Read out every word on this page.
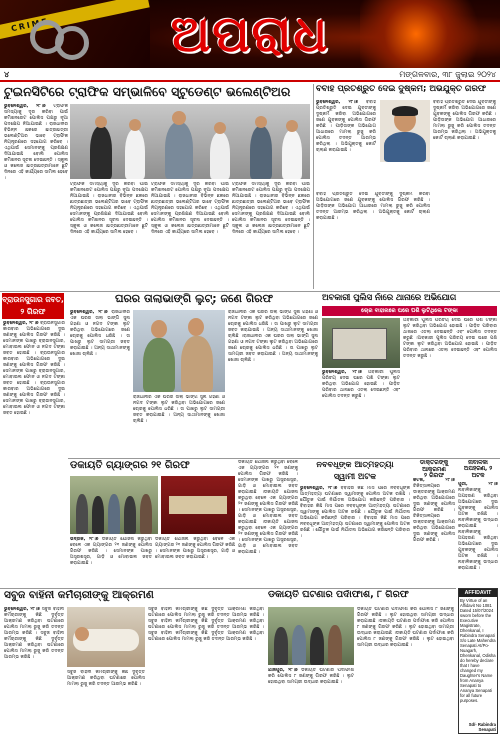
CRIME	ଅପରାଧ
୪	ମଙ୍ଗଳବାର, ୩୮ ଜୁଲାଇ ୨୦୨୪
ଟୁଇନସିଟିରେ ଟ୍ରାଫିକ ସମ୍ଭାଳିବେ ସ୍ଟୁଡେଣ୍ଟ ଭଲେଣ୍ଟିଅର
ଭୁବନେଶ୍ୱର, ୨୮।୭ ଟ୍ରାଫିକ ସମସ୍ୟାକୁ ଦୂର କରିବା ପାଇଁ କମିଶନରେଟ ପୋଲିସ ପକ୍ଷରୁ ନୂଆ ପଦକ୍ଷେପ ନିଆଯାଇଛି । ରାଜଧାନୀର ବିଭିନ୍ନ ଛକରେ ଛାତ୍ରଛାତ୍ରୀ ଭଲେଣ୍ଟିଅର ଭାବେ ଟ୍ରାଫିକ ନିୟନ୍ତ୍ରଣରେ ସହଯୋଗ କରିବେ । ଏଥିପାଇଁ ସେମାନଙ୍କୁ ପ୍ରଶିକ୍ଷଣ ଦିଆଯାଇଛି ବୋଲି ପୋଲିସ କମିଶନର ସୂଚନା ଦେଇଛନ୍ତି । ସ୍କୁଲ ଓ କଲେଜ ଛାତ୍ରଛାତ୍ରୀମାନେ ଛୁଟି ଦିନରେ ଏହି କାର୍ଯ୍ୟରେ ସାମିଲ ହେବେ ।
ଟ୍ରାଫିକ ସମସ୍ୟାକୁ ଦୂର କରିବା ପାଇଁ କମିଶନରେଟ ପୋଲିସ ପକ୍ଷରୁ ନୂଆ ପଦକ୍ଷେପ ନିଆଯାଇଛି । ରାଜଧାନୀର ବିଭିନ୍ନ ଛକରେ ଛାତ୍ରଛାତ୍ରୀ ଭଲେଣ୍ଟିଅର ଭାବେ ଟ୍ରାଫିକ ନିୟନ୍ତ୍ରଣରେ ସହଯୋଗ କରିବେ । ଏଥିପାଇଁ ସେମାନଙ୍କୁ ପ୍ରଶିକ୍ଷଣ ଦିଆଯାଇଛି ବୋଲି ପୋଲିସ କମିଶନର ସୂଚନା ଦେଇଛନ୍ତି । ସ୍କୁଲ ଓ କଲେଜ ଛାତ୍ରଛାତ୍ରୀମାନେ ଛୁଟି ଦିନରେ ଏହି କାର୍ଯ୍ୟରେ ସାମିଲ ହେବେ ।
ଟ୍ରାଫିକ ସମସ୍ୟାକୁ ଦୂର କରିବା ପାଇଁ କମିଶନରେଟ ପୋଲିସ ପକ୍ଷରୁ ନୂଆ ପଦକ୍ଷେପ ନିଆଯାଇଛି । ରାଜଧାନୀର ବିଭିନ୍ନ ଛକରେ ଛାତ୍ରଛାତ୍ରୀ ଭଲେଣ୍ଟିଅର ଭାବେ ଟ୍ରାଫିକ ନିୟନ୍ତ୍ରଣରେ ସହଯୋଗ କରିବେ । ଏଥିପାଇଁ ସେମାନଙ୍କୁ ପ୍ରଶିକ୍ଷଣ ଦିଆଯାଇଛି ବୋଲି ପୋଲିସ କମିଶନର ସୂଚନା ଦେଇଛନ୍ତି । ସ୍କୁଲ ଓ କଲେଜ ଛାତ୍ରଛାତ୍ରୀମାନେ ଛୁଟି ଦିନରେ ଏହି କାର୍ଯ୍ୟରେ ସାମିଲ ହେବେ ।
ଟ୍ରାଫିକ ସମସ୍ୟାକୁ ଦୂର କରିବା ପାଇଁ କମିଶନରେଟ ପୋଲିସ ପକ୍ଷରୁ ନୂଆ ପଦକ୍ଷେପ ନିଆଯାଇଛି । ରାଜଧାନୀର ବିଭିନ୍ନ ଛକରେ ଛାତ୍ରଛାତ୍ରୀ ଭଲେଣ୍ଟିଅର ଭାବେ ଟ୍ରାଫିକ ନିୟନ୍ତ୍ରଣରେ ସହଯୋଗ କରିବେ । ଏଥିପାଇଁ ସେମାନଙ୍କୁ ପ୍ରଶିକ୍ଷଣ ଦିଆଯାଇଛି ବୋଲି ପୋଲିସ କମିଶନର ସୂଚନା ଦେଇଛନ୍ତି । ସ୍କୁଲ ଓ କଲେଜ ଛାତ୍ରଛାତ୍ରୀମାନେ ଛୁଟି ଦିନରେ ଏହି କାର୍ଯ୍ୟରେ ସାମିଲ ହେବେ ।
ବିବାହ ପ୍ରତିଶ୍ରୁତି ଦେଇ ଦୁଷ୍କର୍ମ; ଅଭିଯୁକ୍ତ ଗିରଫ
ଭୁବନେଶ୍ୱର, ୨୮।୭ ବିବାହ ପ୍ରତିଶ୍ରୁତି ଦେଇ ଯୁବତୀଙ୍କୁ ଦୁଷ୍କର୍ମ କରିବା ଅଭିଯୋଗରେ ଜଣେ ଯୁବକଙ୍କୁ ପୋଲିସ ଗିରଫ କରିଛି । ପୀଡ଼ିତାଙ୍କ ଅଭିଯୋଗ ଆଧାରରେ ମାମଲା ରୁଜୁ କରି ପୋଲିସ ତଦନ୍ତ ଆରମ୍ଭ କରିଥିଲା । ଅଭିଯୁକ୍ତକୁ କୋର୍ଟ ଚାଲାଣ କରାଯାଇଛି ।
ବିବାହ ପ୍ରତିଶ୍ରୁତି ଦେଇ ଯୁବତୀଙ୍କୁ ଦୁଷ୍କର୍ମ କରିବା ଅଭିଯୋଗରେ ଜଣେ ଯୁବକଙ୍କୁ ପୋଲିସ ଗିରଫ କରିଛି । ପୀଡ଼ିତାଙ୍କ ଅଭିଯୋଗ ଆଧାରରେ ମାମଲା ରୁଜୁ କରି ପୋଲିସ ତଦନ୍ତ ଆରମ୍ଭ କରିଥିଲା । ଅଭିଯୁକ୍ତକୁ କୋର୍ଟ ଚାଲାଣ କରାଯାଇଛି ।
ବିବାହ ପ୍ରତିଶ୍ରୁତି ଦେଇ ଯୁବତୀଙ୍କୁ ଦୁଷ୍କର୍ମ କରିବା ଅଭିଯୋଗରେ ଜଣେ ଯୁବକଙ୍କୁ ପୋଲିସ ଗିରଫ କରିଛି । ପୀଡ଼ିତାଙ୍କ ଅଭିଯୋଗ ଆଧାରରେ ମାମଲା ରୁଜୁ କରି ପୋଲିସ ତଦନ୍ତ ଆରମ୍ଭ କରିଥିଲା । ଅଭିଯୁକ୍ତକୁ କୋର୍ଟ ଚାଲାଣ କରାଯାଇଛି ।
ବ୍ରାଉନସୁଗାର ଜବତ, ୨ ଗିରଫ
ଭୁବନେଶ୍ୱର, ୨୮।୭ ବ୍ରାଉନସୁଗାର କାରବାର ଅଭିଯୋଗରେ ଦୁଇ ଜଣଙ୍କୁ ପୋଲିସ ଗିରଫ କରିଛି । ସେମାନଙ୍କ ପାଖରୁ ବ୍ରାଉନସୁଗାର, ମୋବାଇଲ ଫୋନ ଓ ନଗଦ ଟଙ୍କା ଜବତ ହୋଇଛି । ବ୍ରାଉନସୁଗାର କାରବାର ଅଭିଯୋଗରେ ଦୁଇ ଜଣଙ୍କୁ ପୋଲିସ ଗିରଫ କରିଛି । ସେମାନଙ୍କ ପାଖରୁ ବ୍ରାଉନସୁଗାର, ମୋବାଇଲ ଫୋନ ଓ ନଗଦ ଟଙ୍କା ଜବତ ହୋଇଛି । ବ୍ରାଉନସୁଗାର କାରବାର ଅଭିଯୋଗରେ ଦୁଇ ଜଣଙ୍କୁ ପୋଲିସ ଗିରଫ କରିଛି । ସେମାନଙ୍କ ପାଖରୁ ବ୍ରାଉନସୁଗାର, ମୋବାଇଲ ଫୋନ ଓ ନଗଦ ଟଙ୍କା ଜବତ ହୋଇଛି ।
ଘରର ତାଲାଭାଙ୍ଗି ଲୁଟ୍; ଜଣେ ଗିରଫ
ଭୁବନେଶ୍ୱର, ୨୮।୭ ରାଜଧାନୀର ଏକ ଘରର ତାଲା ଭାଙ୍ଗି ସୁନା ଗହଣା ଓ ନଗଦ ଟଙ୍କା ଲୁଟ କରିଥିବା ଅଭିଯୋଗରେ ଜଣେ ଚୋରକୁ ପୋଲିସ ଧରିଛି । ତା ପାଖରୁ ଲୁଟ ସାମଗ୍ରୀ ଜବତ କରାଯାଇଛି । ଅନ୍ୟ ସାଥୀମାନଙ୍କୁ ଖୋଜା ଚାଲିଛି ।
ରାଜଧାନୀର ଏକ ଘରର ତାଲା ଭାଙ୍ଗି ସୁନା ଗହଣା ଓ ନଗଦ ଟଙ୍କା ଲୁଟ କରିଥିବା ଅଭିଯୋଗରେ ଜଣେ ଚୋରକୁ ପୋଲିସ ଧରିଛି । ତା ପାଖରୁ ଲୁଟ ସାମଗ୍ରୀ ଜବତ କରାଯାଇଛି । ଅନ୍ୟ ସାଥୀମାନଙ୍କୁ ଖୋଜା ଚାଲିଛି ।ରାଜଧାନୀର ଏକ ଘରର ତାଲା ଭାଙ୍ଗି ସୁନା ଗହଣା ଓ ନଗଦ ଟଙ୍କା ଲୁଟ କରିଥିବା ଅଭିଯୋଗରେ ଜଣେ ଚୋରକୁ ପୋଲିସ ଧରିଛି । ତା ପାଖରୁ ଲୁଟ ସାମଗ୍ରୀ ଜବତ କରାଯାଇଛି । ଅନ୍ୟ ସାଥୀମାନଙ୍କୁ ଖୋଜା ଚାଲିଛି ।
ରାଜଧାନୀର ଏକ ଘରର ତାଲା ଭାଙ୍ଗି ସୁନା ଗହଣା ଓ ନଗଦ ଟଙ୍କା ଲୁଟ କରିଥିବା ଅଭିଯୋଗରେ ଜଣେ ଚୋରକୁ ପୋଲିସ ଧରିଛି । ତା ପାଖରୁ ଲୁଟ ସାମଗ୍ରୀ ଜବତ କରାଯାଇଛି । ଅନ୍ୟ ସାଥୀମାନଙ୍କୁ ଖୋଜା ଚାଲିଛି ।
ଅବକାରୀ ପୁଲିସ ନାଁରେ ଥାନାରେ ଅଭିଯୋଗ
ଚୋର ବାହାନାରେ ଘରେ ପଶି ଲୁଟିଥିଲେ ଟଙ୍କା
ଭୁବନେଶ୍ୱର, ୨୮।୭ ଅବକାରୀ ପୁଲିସ ପରିଚୟ ଦେଇ ଘରେ ପଶି ଟଙ୍କା ଲୁଟ କରିଥିବା ଅଭିଯୋଗ ହୋଇଛି । ପୀଡ଼ିତ ପରିବାର ଥାନାରେ ଏତଲା ଦେଇଛନ୍ତି ଏବଂ ପୋଲିସ ତଦନ୍ତ କରୁଛି ।
ଅବକାରୀ ପୁଲିସ ପରିଚୟ ଦେଇ ଘରେ ପଶି ଟଙ୍କା ଲୁଟ କରିଥିବା ଅଭିଯୋଗ ହୋଇଛି । ପୀଡ଼ିତ ପରିବାର ଥାନାରେ ଏତଲା ଦେଇଛନ୍ତି ଏବଂ ପୋଲିସ ତଦନ୍ତ କରୁଛି ।ଅବକାରୀ ପୁଲିସ ପରିଚୟ ଦେଇ ଘରେ ପଶି ଟଙ୍କା ଲୁଟ କରିଥିବା ଅଭିଯୋଗ ହୋଇଛି । ପୀଡ଼ିତ ପରିବାର ଥାନାରେ ଏତଲା ଦେଇଛନ୍ତି ଏବଂ ପୋଲିସ ତଦନ୍ତ କରୁଛି ।
ଡକାୟତି ଗ୍ୟାଙ୍ଗର ୨୧ ଗିରଫ
ଭଦ୍ରକ, ୨୮।୭ ଡକାୟତି ଯୋଜନା କରୁଥିବା ବେଳେ ଏକ ଗ୍ୟାଙ୍ଗର ୨୧ ଜଣଙ୍କୁ ପୋଲିସ ଗିରଫ କରିଛି । ସେମାନଙ୍କ ପାଖରୁ ଅସ୍ତ୍ରଶସ୍ତ୍ର, ଗାଡ଼ି ଓ ମୋବାଇଲ ଜବତ କରାଯାଇଛି ।
ଡକାୟତି ଯୋଜନା କରୁଥିବା ବେଳେ ଏକ ଗ୍ୟାଙ୍ଗର ୨୧ ଜଣଙ୍କୁ ପୋଲିସ ଗିରଫ କରିଛି । ସେମାନଙ୍କ ପାଖରୁ ଅସ୍ତ୍ରଶସ୍ତ୍ର, ଗାଡ଼ି ଓ ମୋବାଇଲ ଜବତ କରାଯାଇଛି ।
ଡକାୟତି ଯୋଜନା କରୁଥିବା ବେଳେ ଏକ ଗ୍ୟାଙ୍ଗର ୨୧ ଜଣଙ୍କୁ ପୋଲିସ ଗିରଫ କରିଛି । ସେମାନଙ୍କ ପାଖରୁ ଅସ୍ତ୍ରଶସ୍ତ୍ର, ଗାଡ଼ି ଓ ମୋବାଇଲ ଜବତ କରାଯାଇଛି ।ଡକାୟତି ଯୋଜନା କରୁଥିବା ବେଳେ ଏକ ଗ୍ୟାଙ୍ଗର ୨୧ ଜଣଙ୍କୁ ପୋଲିସ ଗିରଫ କରିଛି । ସେମାନଙ୍କ ପାଖରୁ ଅସ୍ତ୍ରଶସ୍ତ୍ର, ଗାଡ଼ି ଓ ମୋବାଇଲ ଜବତ କରାଯାଇଛି ।ଡକାୟତି ଯୋଜନା କରୁଥିବା ବେଳେ ଏକ ଗ୍ୟାଙ୍ଗର ୨୧ ଜଣଙ୍କୁ ପୋଲିସ ଗିରଫ କରିଛି । ସେମାନଙ୍କ ପାଖରୁ ଅସ୍ତ୍ରଶସ୍ତ୍ର, ଗାଡ଼ି ଓ ମୋବାଇଲ ଜବତ କରାଯାଇଛି ।
ନବବଧୂଙ୍କ ଆତ୍ମହତ୍ୟା
ସ୍ୱାମୀ ଅଟକ
ଭୁବନେଶ୍ୱର, ୨୮।୭ ବିବାହର କିଛି ମାସ ପରେ ନବବଧୂଙ୍କ ଆତ୍ମହତ୍ୟା ଘଟଣାରେ ସ୍ୱାମୀଙ୍କୁ ପୋଲିସ ଅଟକ ରଖିଛି । ଯୌତୁକ ପାଇଁ ନିର୍ଯାତନା ଅଭିଯୋଗ କରିଛନ୍ତି ପରିବାର । ବିବାହର କିଛି ମାସ ପରେ ନବବଧୂଙ୍କ ଆତ୍ମହତ୍ୟା ଘଟଣାରେ ସ୍ୱାମୀଙ୍କୁ ପୋଲିସ ଅଟକ ରଖିଛି । ଯୌତୁକ ପାଇଁ ନିର୍ଯାତନା ଅଭିଯୋଗ କରିଛନ୍ତି ପରିବାର । ବିବାହର କିଛି ମାସ ପରେ ନବବଧୂଙ୍କ ଆତ୍ମହତ୍ୟା ଘଟଣାରେ ସ୍ୱାମୀଙ୍କୁ ପୋଲିସ ଅଟକ ରଖିଛି । ଯୌତୁକ ପାଇଁ ନିର୍ଯାତନା ଅଭିଯୋଗ କରିଛନ୍ତି ପରିବାର ।
ଡାକ୍ତରଙ୍କୁ ଆକ୍ରମଣ
୨ ଗିରଫ
କଟକ, ୨୮।୭ ଚିକିତ୍ସାଳୟରେ ଡାକ୍ତରଙ୍କୁ ଆକ୍ରମଣ କରିଥିବା ଅଭିଯୋଗରେ ଦୁଇ ଜଣଙ୍କୁ ପୋଲିସ ଗିରଫ କରିଛି । ଚିକିତ୍ସାଳୟରେ ଡାକ୍ତରଙ୍କୁ ଆକ୍ରମଣ କରିଥିବା ଅଭିଯୋଗରେ ଦୁଇ ଜଣଙ୍କୁ ପୋଲିସ ଗିରଫ କରିଛି ।
ନାବାଳିକା ଅପହରଣ, ୨ ଅଟକ
ପୁରୀ, ୨୮।୭ ନାବାଳିକାଙ୍କୁ ଅପହରଣ କରିଥିବା ଅଭିଯୋଗରେ ଦୁଇ ଯୁବକଙ୍କୁ ପୋଲିସ ଅଟକ ରଖିଛି । ନାବାଳିକାଙ୍କୁ ଉଦ୍ଧାର କରାଯାଇଛି । ନାବାଳିକାଙ୍କୁ ଅପହରଣ କରିଥିବା ଅଭିଯୋଗରେ ଦୁଇ ଯୁବକଙ୍କୁ ପୋଲିସ ଅଟକ ରଖିଛି । ନାବାଳିକାଙ୍କୁ ଉଦ୍ଧାର କରାଯାଇଛି ।
ସବୁଜ ବାହିନୀ କର୍ମଚାରୀଙ୍କୁ ଆକ୍ରମଣ
ଭୁବନେଶ୍ୱର, ୨୮।୭ ସବୁଜ ବାହିନୀ କର୍ମଚାରୀଙ୍କୁ କିଛି ଦୁର୍ବୃତ୍ତ ଆକ୍ରମଣ କରିଥିବା ଘଟଣାରେ ପୋଲିସ ମାମଲା ରୁଜୁ କରି ତଦନ୍ତ ଆରମ୍ଭ କରିଛି । ସବୁଜ ବାହିନୀ କର୍ମଚାରୀଙ୍କୁ କିଛି ଦୁର୍ବୃତ୍ତ ଆକ୍ରମଣ କରିଥିବା ଘଟଣାରେ ପୋଲିସ ମାମଲା ରୁଜୁ କରି ତଦନ୍ତ ଆରମ୍ଭ କରିଛି ।
ସବୁଜ ବାହିନୀ କର୍ମଚାରୀଙ୍କୁ କିଛି ଦୁର୍ବୃତ୍ତ ଆକ୍ରମଣ କରିଥିବା ଘଟଣାରେ ପୋଲିସ ମାମଲା ରୁଜୁ କରି ତଦନ୍ତ ଆରମ୍ଭ କରିଛି ।
ସବୁଜ ବାହିନୀ କର୍ମଚାରୀଙ୍କୁ କିଛି ଦୁର୍ବୃତ୍ତ ଆକ୍ରମଣ କରିଥିବା ଘଟଣାରେ ପୋଲିସ ମାମଲା ରୁଜୁ କରି ତଦନ୍ତ ଆରମ୍ଭ କରିଛି ।ସବୁଜ ବାହିନୀ କର୍ମଚାରୀଙ୍କୁ କିଛି ଦୁର୍ବୃତ୍ତ ଆକ୍ରମଣ କରିଥିବା ଘଟଣାରେ ପୋଲିସ ମାମଲା ରୁଜୁ କରି ତଦନ୍ତ ଆରମ୍ଭ କରିଛି ।ସବୁଜ ବାହିନୀ କର୍ମଚାରୀଙ୍କୁ କିଛି ଦୁର୍ବୃତ୍ତ ଆକ୍ରମଣ କରିଥିବା ଘଟଣାରେ ପୋଲିସ ମାମଲା ରୁଜୁ କରି ତଦନ୍ତ ଆରମ୍ଭ କରିଛି ।
ଡକାୟତି ଘଟଣାର ପର୍ଦାଫାଶ, ୮ ଗିରଫ
ଯାଜପୁର, ୨୮।୭ ଡକାୟତି ଘଟଣାର ପର୍ଦାଫାଶ କରି ପୋଲିସ ୮ ଜଣଙ୍କୁ ଗିରଫ କରିଛି । ଲୁଟ ହୋଇଥିବା ସାମଗ୍ରୀ ଉଦ୍ଧାର କରାଯାଇଛି ।
ଡକାୟତି ଘଟଣାର ପର୍ଦାଫାଶ କରି ପୋଲିସ ୮ ଜଣଙ୍କୁ ଗିରଫ କରିଛି । ଲୁଟ ହୋଇଥିବା ସାମଗ୍ରୀ ଉଦ୍ଧାର କରାଯାଇଛି ।ଡକାୟତି ଘଟଣାର ପର୍ଦାଫାଶ କରି ପୋଲିସ ୮ ଜଣଙ୍କୁ ଗିରଫ କରିଛି । ଲୁଟ ହୋଇଥିବା ସାମଗ୍ରୀ ଉଦ୍ଧାର କରାଯାଇଛି ।ଡକାୟତି ଘଟଣାର ପର୍ଦାଫାଶ କରି ପୋଲିସ ୮ ଜଣଙ୍କୁ ଗିରଫ କରିଛି । ଲୁଟ ହୋଇଥିବା ସାମଗ୍ରୀ ଉଦ୍ଧାର କରାଯାଇଛି ।
AFFIDAVIT
By Virtue of an Affidavit No 1081 Dated 15/07/2024 sworn before the Executive Magistrate, Dhenkanal, I Rabindra Senapati S/o Late Mahendra Senapati At/Po-Nuagarh, Dhenkanal, Odisha do hereby declare that I have changed my Daughter's Name from Ananya Senapati to Ananya Senapati for all future purposes.
Sd/- Rabindra Senapati
